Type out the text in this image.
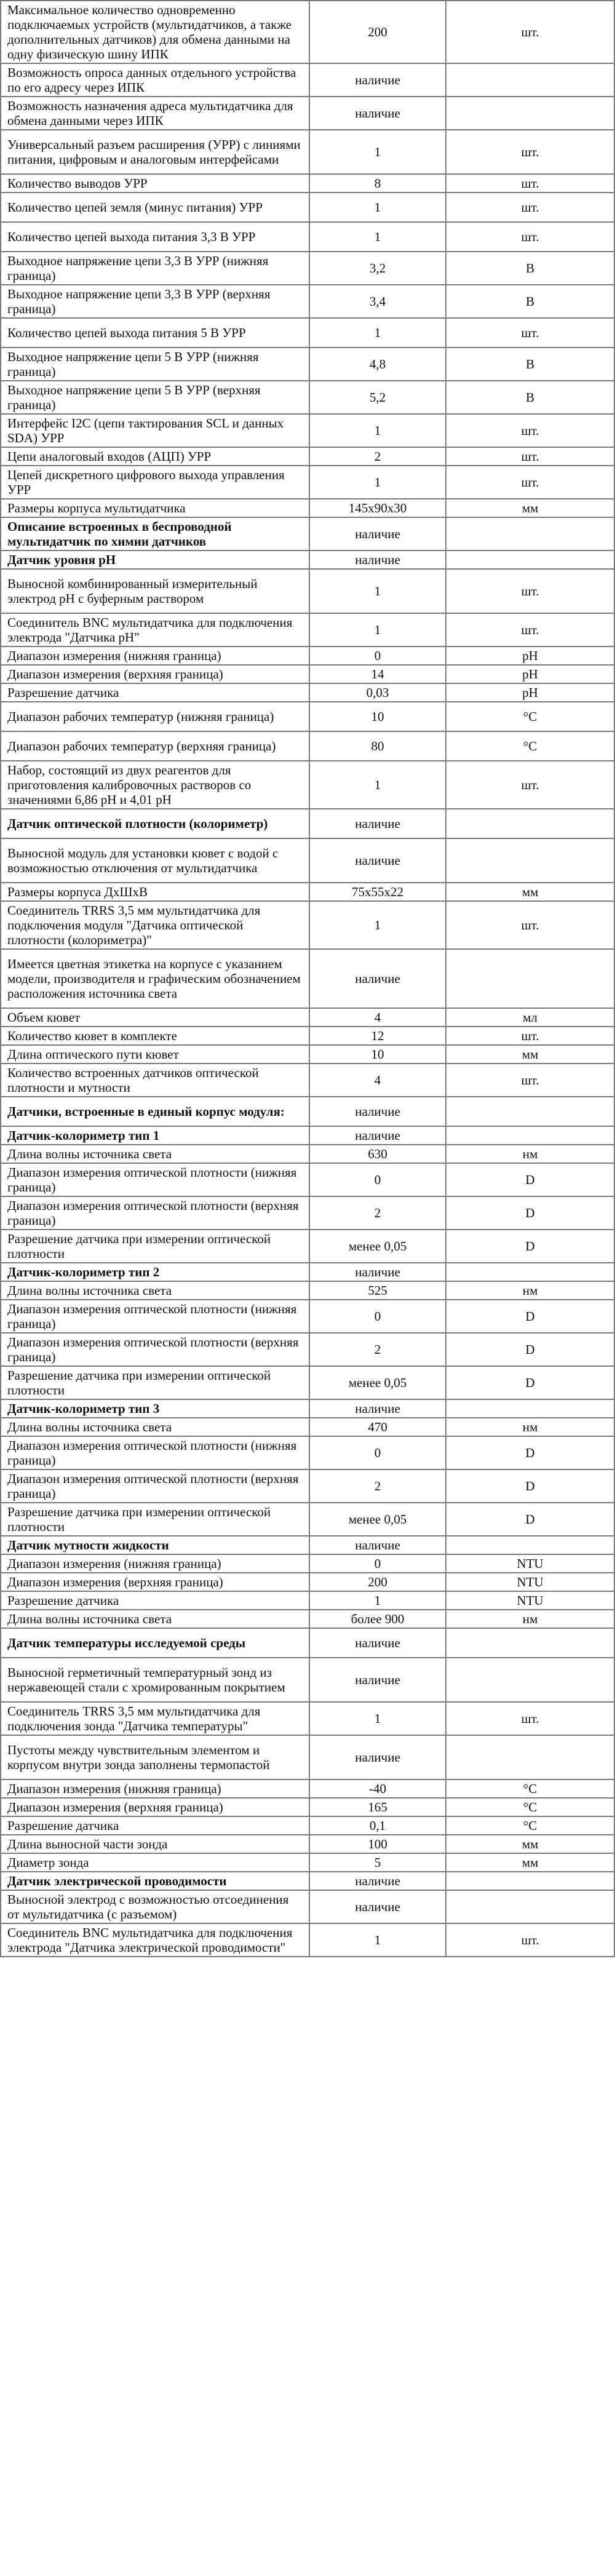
Максимальное количество одновременно подключаемых устройств (мультидатчиков, а также дополнительных датчиков) для обмена данными на одну физическую шину ИПК	200	шт.
Возможность опроса данных отдельного устройства по его адресу через ИПК	наличие	
Возможность назначения адреса мультидатчика для обмена данными через ИПК	наличие	
Универсальный разъем расширения (УРР) с линиями питания, цифровым и аналоговым интерфейсами	1	шт.
Количество выводов УРР	8	шт.
Количество цепей земля (минус питания) УРР	1	шт.
Количество цепей выхода питания 3,3 В УРР	1	шт.
Выходное напряжение цепи 3,3 В УРР (нижняя граница)	3,2	В
Выходное напряжение цепи 3,3 В УРР (верхняя граница)	3,4	В
Количество цепей выхода питания 5 В УРР	1	шт.
Выходное напряжение цепи 5 В УРР (нижняя граница)	4,8	В
Выходное напряжение цепи 5 В УРР (верхняя граница)	5,2	В
Интерфейс I2C (цепи тактирования SCL и данных SDA) УРР	1	шт.
Цепи аналоговый входов (АЦП) УРР	2	шт.
Цепей дискретного цифрового выхода управления УРР	1	шт.
Размеры корпуса мультидатчика	145x90x30	мм
Описание встроенных в беспроводной мультидатчик по химии датчиков	наличие	
Датчик уровня pH	наличие	
Выносной комбинированный измерительный электрод pH с буферным раствором	1	шт.
Соединитель BNC мультидатчика для подключения электрода "Датчика pH"	1	шт.
Диапазон измерения (нижняя граница)	0	pH
Диапазон измерения (верхняя граница)	14	pH
Разрешение датчика	0,03	pH
Диапазон рабочих температур (нижняя граница)	10	°C
Диапазон рабочих температур (верхняя граница)	80	°C
Набор, состоящий из двух реагентов для приготовления калибровочных растворов со значениями 6,86 pH и 4,01 pH	1	шт.
Датчик оптической плотности (колориметр)	наличие	
Выносной модуль для установки кювет с водой с возможностью отключения от мультидатчика	наличие	
Размеры корпуса ДхШхВ	75x55x22	мм
Соединитель TRRS 3,5 мм мультидатчика для подключения модуля "Датчика оптической плотности (колориметра)"	1	шт.
Имеется цветная этикетка на корпусе с указанием модели, производителя и графическим обозначением расположения источника света	наличие	
Объем кювет	4	мл
Количество кювет в комплекте	12	шт.
Длина оптического пути кювет	10	мм
Количество встроенных датчиков оптической плотности и мутности	4	шт.
Датчики, встроенные в единый корпус модуля:	наличие	
Датчик-колориметр тип 1	наличие	
Длина волны источника света	630	нм
Диапазон измерения оптической плотности (нижняя граница)	0	D
Диапазон измерения оптической плотности (верхняя граница)	2	D
Разрешение датчика при измерении оптической плотности	менее 0,05	D
Датчик-колориметр тип 2	наличие	
Длина волны источника света	525	нм
Диапазон измерения оптической плотности (нижняя граница)	0	D
Диапазон измерения оптической плотности (верхняя граница)	2	D
Разрешение датчика при измерении оптической плотности	менее 0,05	D
Датчик-колориметр тип 3	наличие	
Длина волны источника света	470	нм
Диапазон измерения оптической плотности (нижняя граница)	0	D
Диапазон измерения оптической плотности (верхняя граница)	2	D
Разрешение датчика при измерении оптической плотности	менее 0,05	D
Датчик мутности жидкости	наличие	
Диапазон измерения (нижняя граница)	0	NTU
Диапазон измерения (верхняя граница)	200	NTU
Разрешение датчика	1	NTU
Длина волны источника света	более 900	нм
Датчик температуры исследуемой среды	наличие	
Выносной герметичный температурный зонд из нержавеющей стали с хромированным покрытием	наличие	
Соединитель TRRS 3,5 мм мультидатчика для подключения зонда "Датчика температуры"	1	шт.
Пустоты между чувствительным элементом и корпусом внутри зонда заполнены термопастой	наличие	
Диапазон измерения (нижняя граница)	-40	°C
Диапазон измерения (верхняя граница)	165	°C
Разрешение датчика	0,1	°C
Длина выносной части зонда	100	мм
Диаметр зонда	5	мм
Датчик электрической проводимости	наличие	
Выносной электрод с возможностью отсоединения от мультидатчика (с разъемом)	наличие	
Соединитель BNC мультидатчика для подключения электрода "Датчика электрической проводимости"	1	шт.
